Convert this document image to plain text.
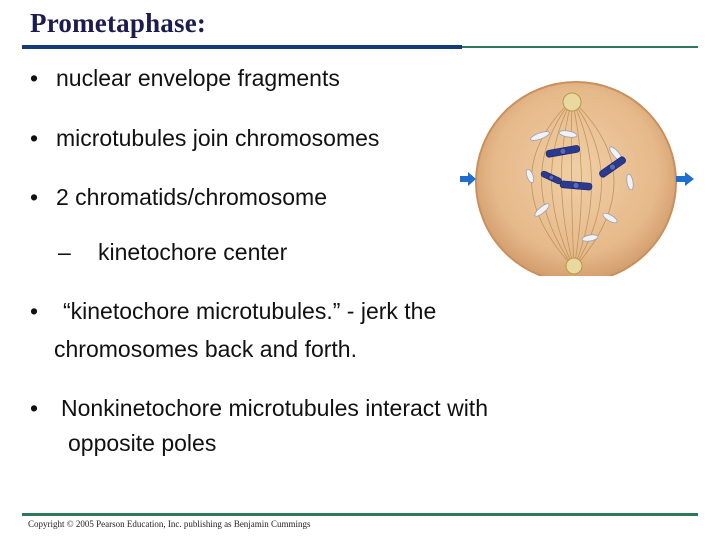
Prometaphase:
• nuclear envelope fragments
• microtubules join chromosomes
• 2 chromatids/chromosome
– kinetochore center
• “kinetochore microtubules.” - jerk the
chromosomes back and forth.
• Nonkinetochore microtubules interact with
opposite poles
Copyright © 2005 Pearson Education, Inc. publishing as Benjamin Cummings
